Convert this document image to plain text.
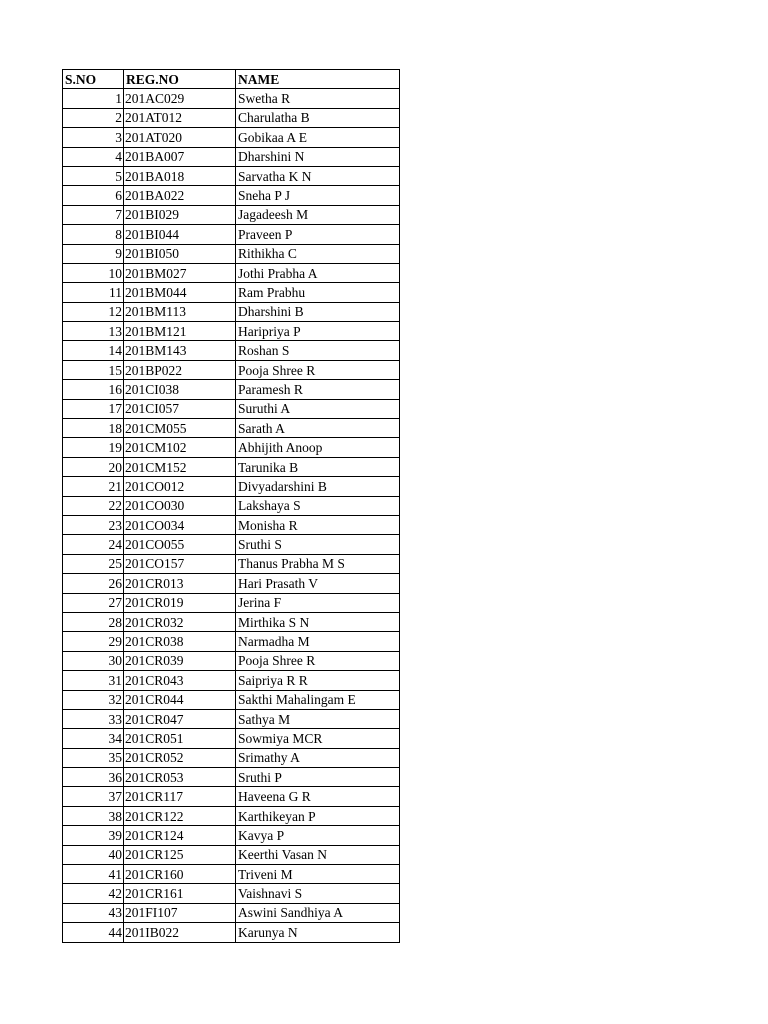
S.NO	REG.NO	NAME
1	201AC029	Swetha R
2	201AT012	Charulatha B
3	201AT020	Gobikaa A E
4	201BA007	Dharshini N
5	201BA018	Sarvatha K N
6	201BA022	Sneha P J
7	201BI029	Jagadeesh M
8	201BI044	Praveen P
9	201BI050	Rithikha C
10	201BM027	Jothi Prabha A
11	201BM044	Ram Prabhu
12	201BM113	Dharshini B
13	201BM121	Haripriya P
14	201BM143	Roshan S
15	201BP022	Pooja Shree R
16	201CI038	Paramesh R
17	201CI057	Suruthi A
18	201CM055	Sarath A
19	201CM102	Abhijith Anoop
20	201CM152	Tarunika B
21	201CO012	Divyadarshini B
22	201CO030	Lakshaya S
23	201CO034	Monisha R
24	201CO055	Sruthi S
25	201CO157	Thanus Prabha M S
26	201CR013	Hari Prasath V
27	201CR019	Jerina F
28	201CR032	Mirthika S N
29	201CR038	Narmadha M
30	201CR039	Pooja Shree R
31	201CR043	Saipriya R R
32	201CR044	Sakthi Mahalingam E
33	201CR047	Sathya M
34	201CR051	Sowmiya MCR
35	201CR052	Srimathy A
36	201CR053	Sruthi P
37	201CR117	Haveena G R
38	201CR122	Karthikeyan P
39	201CR124	Kavya P
40	201CR125	Keerthi Vasan N
41	201CR160	Triveni M
42	201CR161	Vaishnavi S
43	201FI107	Aswini Sandhiya A
44	201IB022	Karunya N
